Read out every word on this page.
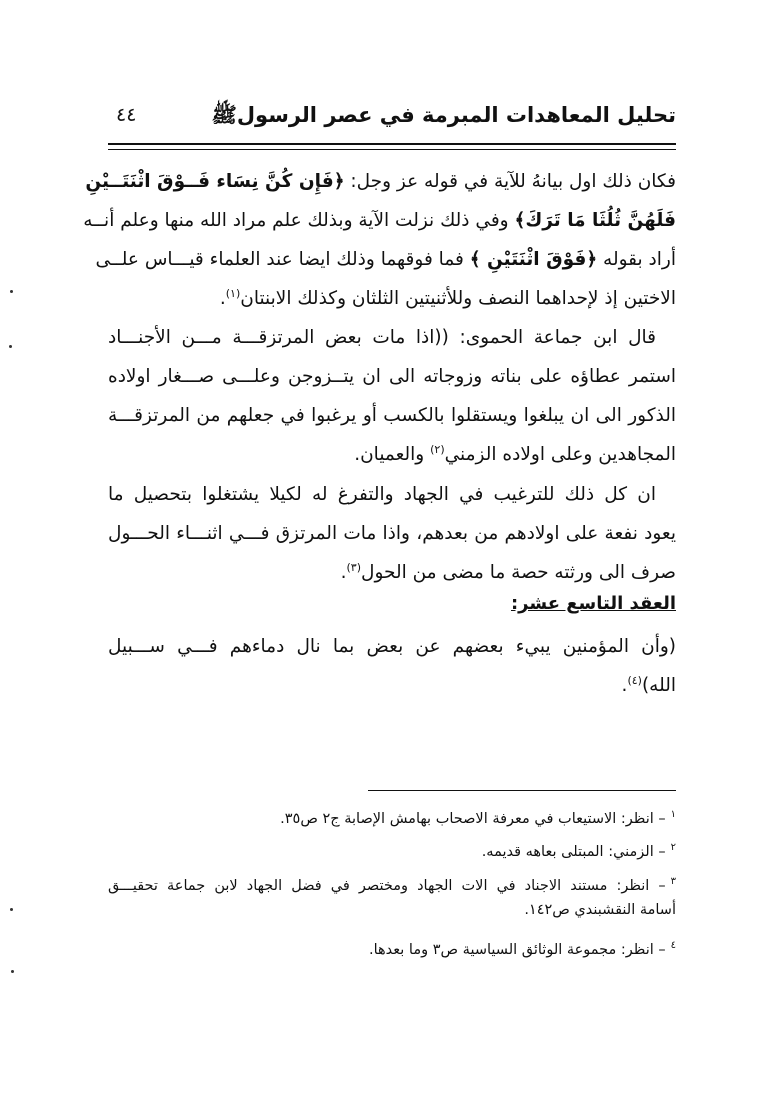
تحليل المعاهدات المبرمة في عصر الرسولﷺ
٤٤
فكان ذلك اول بيانهُ للآية في قوله عز وجل: ﴿فَإِن كُنَّ نِسَاء فَــوْقَ اثْنَتَــيْنِ
فَلَهُنَّ ثُلُثَا مَا تَرَكَ﴾ وفي ذلك نزلت الآية وبذلك علم مراد الله منها وعلم أنــه
أراد بقوله ﴿فَوْقَ اثْنَتَيْنِ ﴾ فما فوقهما وذلك ايضا عند العلماء قيـــاس علــى
الاختين إذ لإحداهما النصف وللأثنيتين الثلثان وكذلك الابنتان$^{(١)}$.
قال ابن جماعة الحموى: ((اذا مات بعض المرتزقـــة مـــن الأجنـــاد
استمر عطاؤه على بناته وزوجاته الى ان يتــزوجن وعلـــى صـــغار اولاده
الذكور الى ان يبلغوا ويستقلوا بالكسب أو يرغبوا في جعلهم من المرتزقـــة
المجاهدين وعلى اولاده الزمني$^{(٢)}$ والعميان.
ان كل ذلك للترغيب في الجهاد والتفرغ له لكيلا يشتغلوا بتحصيل ما
يعود نفعة على اولادهم من بعدهم، واذا مات المرتزق فـــي اثنـــاء الحـــول
صرف الى ورثته حصة ما مضى من الحول$^{(٣)}$.
العقد التاسع عشر:
(وأن المؤمنين يبيء بعضهم عن بعض بما نال دماءهم فـــي ســـبيل
الله)$^{(٤)}$.
$^١$– انظر: الاستيعاب في معرفة الاصحاب بهامش الإصابة ج٢ ص٣٥.
$^٢$– الزمني: المبتلى بعاهه قديمه.
$^٣$– انظر: مستند الاجناد في الات الجهاد ومختصر في فضل الجهاد لابن جماعة تحقيـــق
أسامة النقشبندي ص١٤٢.
$^٤$– انظر: مجموعة الوثائق السياسية ص٣ وما بعدها.
